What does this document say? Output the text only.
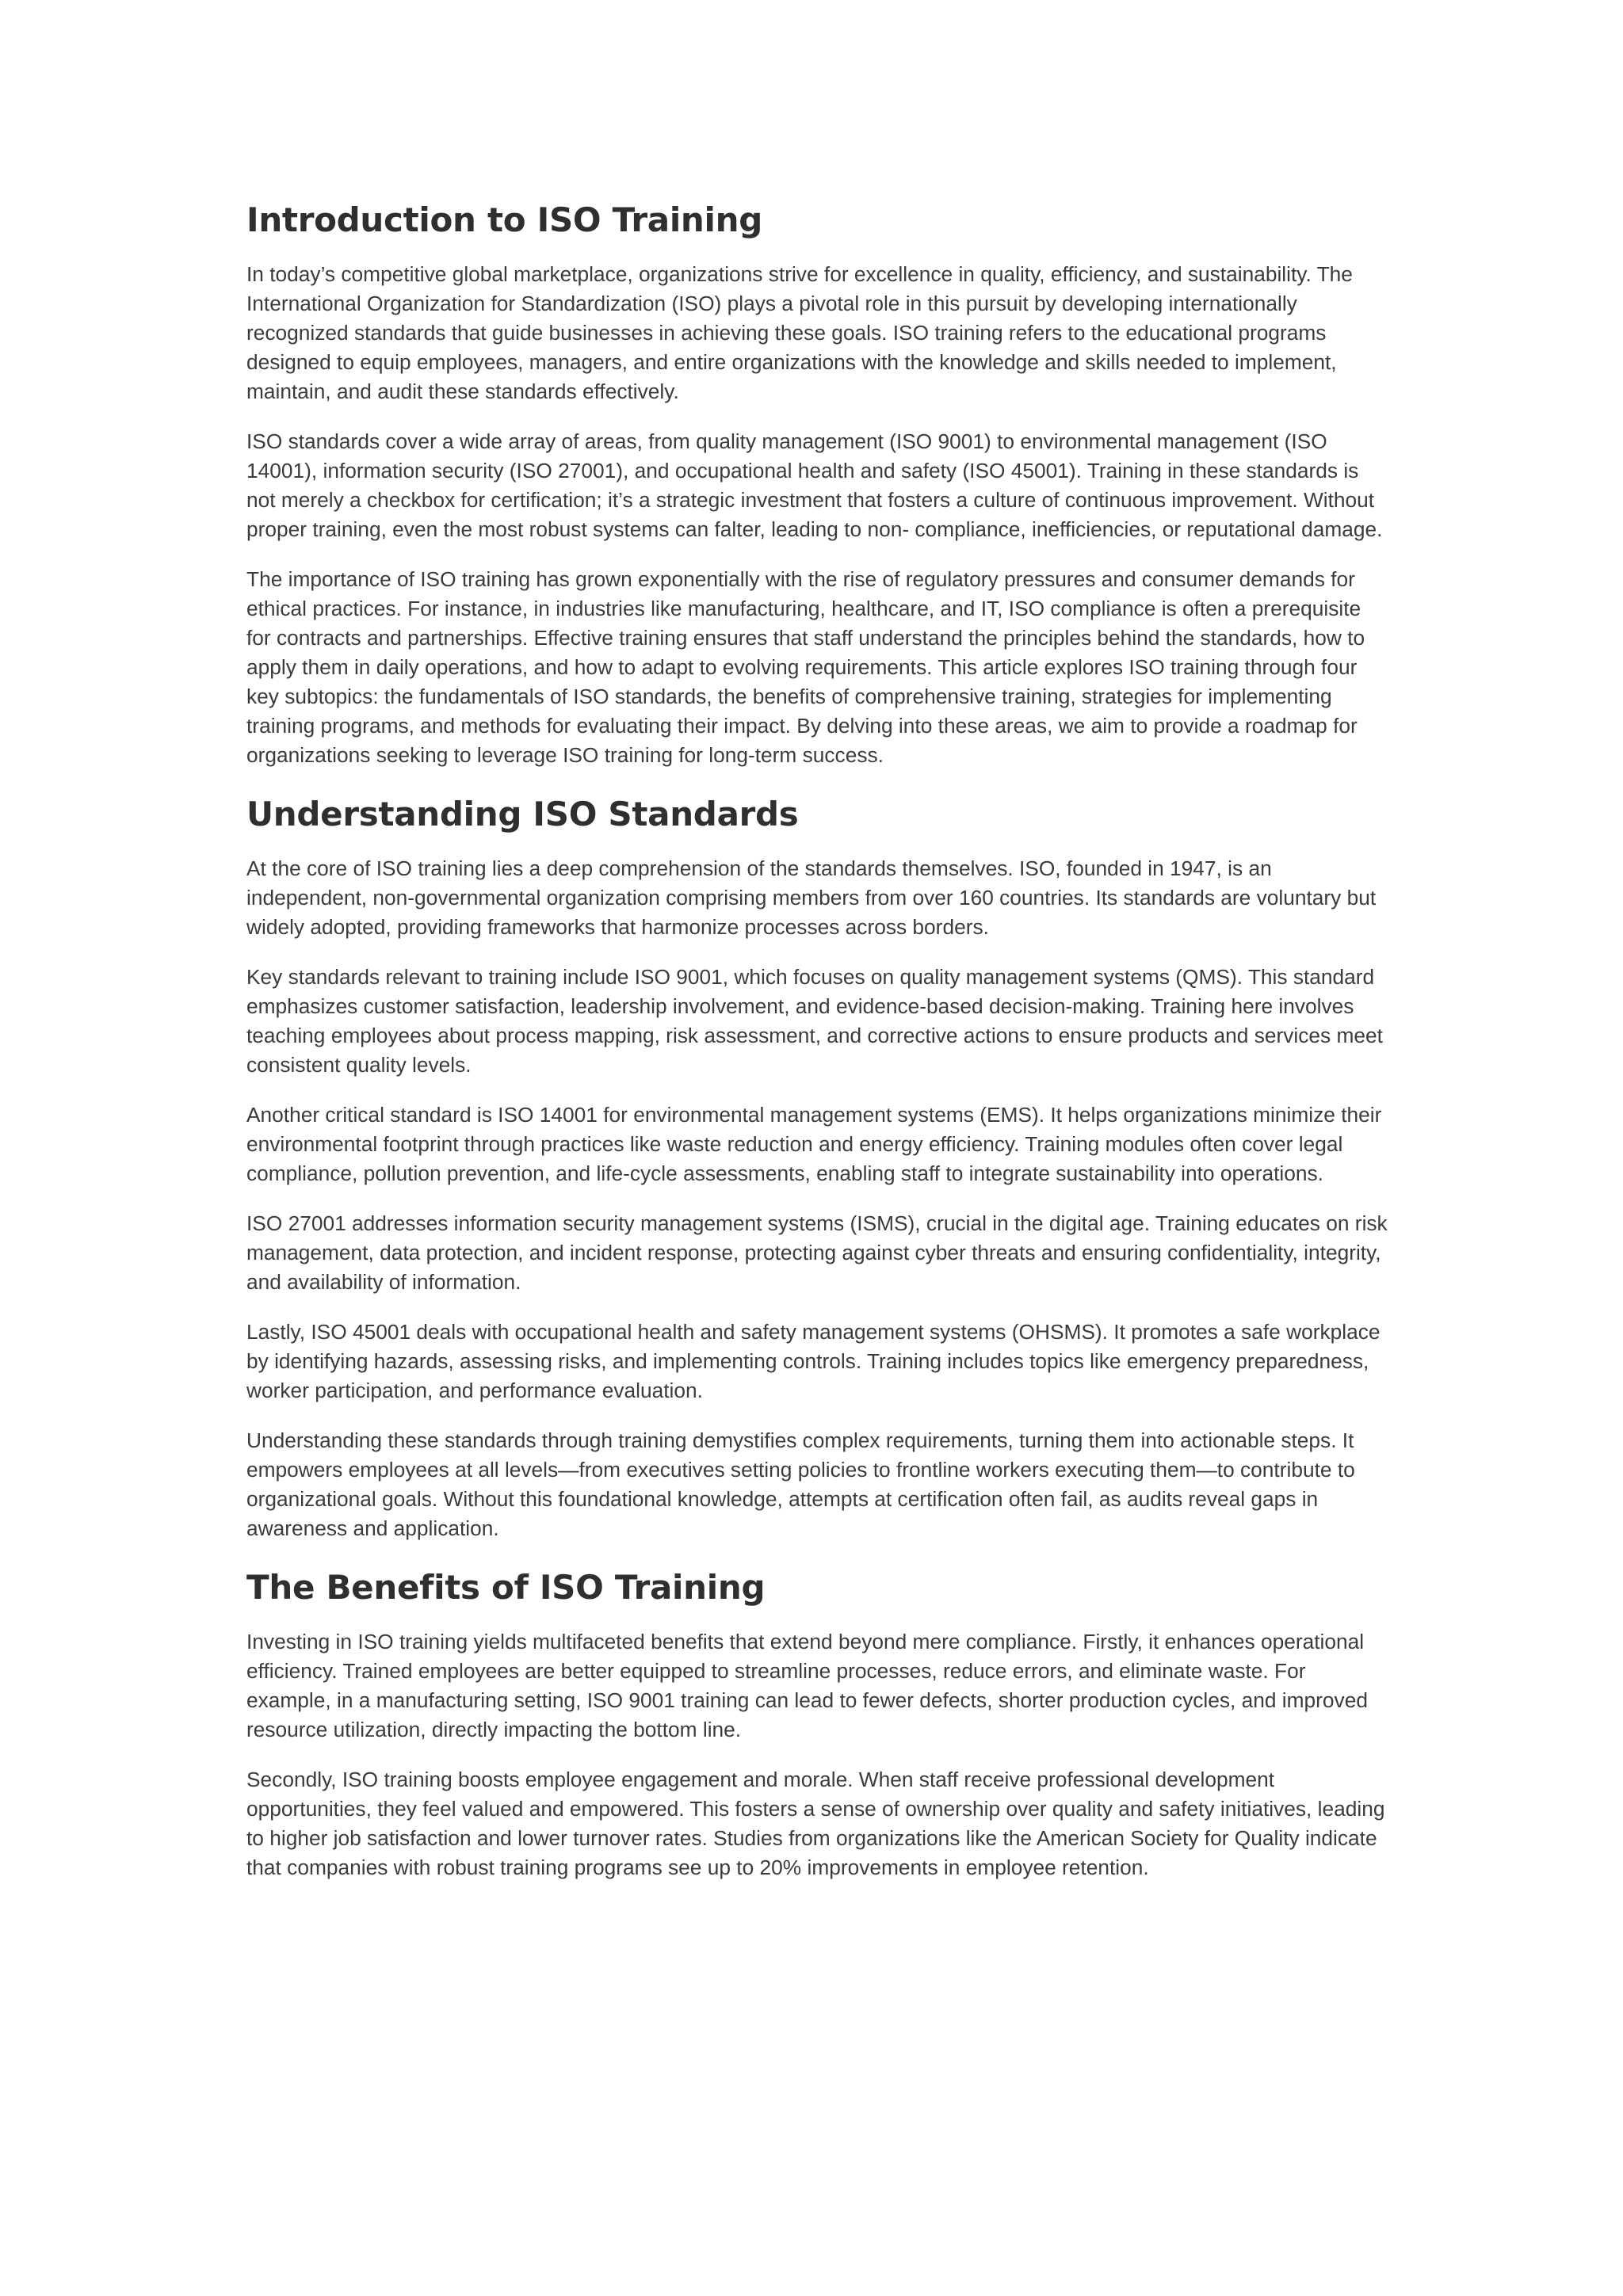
Introduction to ISO Training

In today’s competitive global marketplace, organizations strive for excellence in quality, efficiency, and sustainability. The International Organization for Standardization (ISO) plays a pivotal role in this pursuit by developing internationally recognized standards that guide businesses in achieving these goals. ISO training refers to the educational programs designed to equip employees, managers, and entire organizations with the knowledge and skills needed to implement, maintain, and audit these standards effectively.

ISO standards cover a wide array of areas, from quality management (ISO 9001) to environmental management (ISO 14001), information security (ISO 27001), and occupational health and safety (ISO 45001). Training in these standards is not merely a checkbox for certification; it’s a strategic investment that fosters a culture of continuous improvement. Without proper training, even the most robust systems can falter, leading to non- compliance, inefficiencies, or reputational damage.

The importance of ISO training has grown exponentially with the rise of regulatory pressures and consumer demands for ethical practices. For instance, in industries like manufacturing, healthcare, and IT, ISO compliance is often a prerequisite for contracts and partnerships. Effective training ensures that staff understand the principles behind the standards, how to apply them in daily operations, and how to adapt to evolving requirements. This article explores ISO training through four key subtopics: the fundamentals of ISO standards, the benefits of comprehensive training, strategies for implementing training programs, and methods for evaluating their impact. By delving into these areas, we aim to provide a roadmap for organizations seeking to leverage ISO training for long-term success.

Understanding ISO Standards

At the core of ISO training lies a deep comprehension of the standards themselves. ISO, founded in 1947, is an independent, non-governmental organization comprising members from over 160 countries. Its standards are voluntary but widely adopted, providing frameworks that harmonize processes across borders.

Key standards relevant to training include ISO 9001, which focuses on quality management systems (QMS). This standard emphasizes customer satisfaction, leadership involvement, and evidence-based decision-making. Training here involves teaching employees about process mapping, risk assessment, and corrective actions to ensure products and services meet consistent quality levels.

Another critical standard is ISO 14001 for environmental management systems (EMS). It helps organizations minimize their environmental footprint through practices like waste reduction and energy efficiency. Training modules often cover legal compliance, pollution prevention, and life-cycle assessments, enabling staff to integrate sustainability into operations.

ISO 27001 addresses information security management systems (ISMS), crucial in the digital age. Training educates on risk management, data protection, and incident response, protecting against cyber threats and ensuring confidentiality, integrity, and availability of information.

Lastly, ISO 45001 deals with occupational health and safety management systems (OHSMS). It promotes a safe workplace by identifying hazards, assessing risks, and implementing controls. Training includes topics like emergency preparedness, worker participation, and performance evaluation.

Understanding these standards through training demystifies complex requirements, turning them into actionable steps. It empowers employees at all levels—from executives setting policies to frontline workers executing them—to contribute to organizational goals. Without this foundational knowledge, attempts at certification often fail, as audits reveal gaps in awareness and application.

The Benefits of ISO Training

Investing in ISO training yields multifaceted benefits that extend beyond mere compliance. Firstly, it enhances operational efficiency. Trained employees are better equipped to streamline processes, reduce errors, and eliminate waste. For example, in a manufacturing setting, ISO 9001 training can lead to fewer defects, shorter production cycles, and improved resource utilization, directly impacting the bottom line.

Secondly, ISO training boosts employee engagement and morale. When staff receive professional development opportunities, they feel valued and empowered. This fosters a sense of ownership over quality and safety initiatives, leading to higher job satisfaction and lower turnover rates. Studies from organizations like the American Society for Quality indicate that companies with robust training programs see up to 20% improvements in employee retention.
